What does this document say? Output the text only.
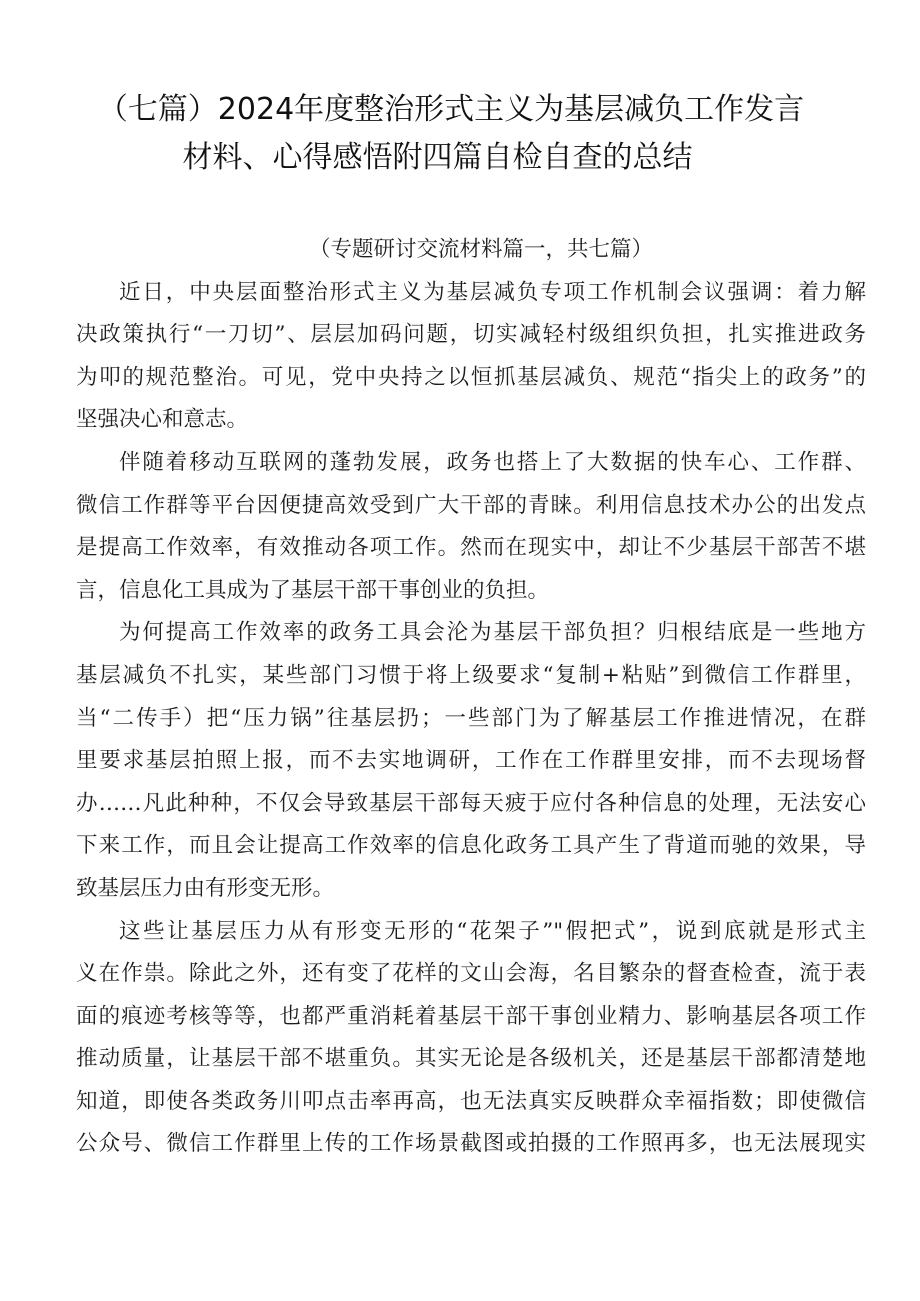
（七篇）2024年度整治形式主义为基层减负工作发言
材料、心得感悟附四篇自检自查的总结

（专题研讨交流材料篇一，共七篇）

近日，中央层面整治形式主义为基层减负专项工作机制会议强调：着力解
决政策执行“一刀切”、层层加码问题，切实减轻村级组织负担，扎实推进政务
为叩的规范整治。可见，党中央持之以恒抓基层减负、规范“指尖上的政务”的
坚强决心和意志。
伴随着移动互联网的蓬勃发展，政务也搭上了大数据的快车心、工作群、
微信工作群等平台因便捷高效受到广大干部的青睐。利用信息技术办公的出发点
是提高工作效率，有效推动各项工作。然而在现实中，却让不少基层干部苦不堪
言，信息化工具成为了基层干部干事创业的负担。
为何提高工作效率的政务工具会沦为基层干部负担？归根结底是一些地方
基层减负不扎实，某些部门习惯于将上级要求“复制+粘贴”到微信工作群里，
当“二传手）把“压力锅”往基层扔；一些部门为了解基层工作推进情况，在群
里要求基层拍照上报，而不去实地调研，工作在工作群里安排，而不去现场督
办……凡此种种，不仅会导致基层干部每天疲于应付各种信息的处理，无法安心
下来工作，而且会让提高工作效率的信息化政务工具产生了背道而驰的效果，导
致基层压力由有形变无形。
这些让基层压力从有形变无形的“花架子”"假把式”，说到底就是形式主
义在作祟。除此之外，还有变了花样的文山会海，名目繁杂的督查检查，流于表
面的痕迹考核等等，也都严重消耗着基层干部干事创业精力、影响基层各项工作
推动质量，让基层干部不堪重负。其实无论是各级机关，还是基层干部都清楚地
知道，即使各类政务川叩点击率再高，也无法真实反映群众幸福指数；即使微信
公众号、微信工作群里上传的工作场景截图或拍摄的工作照再多，也无法展现实
